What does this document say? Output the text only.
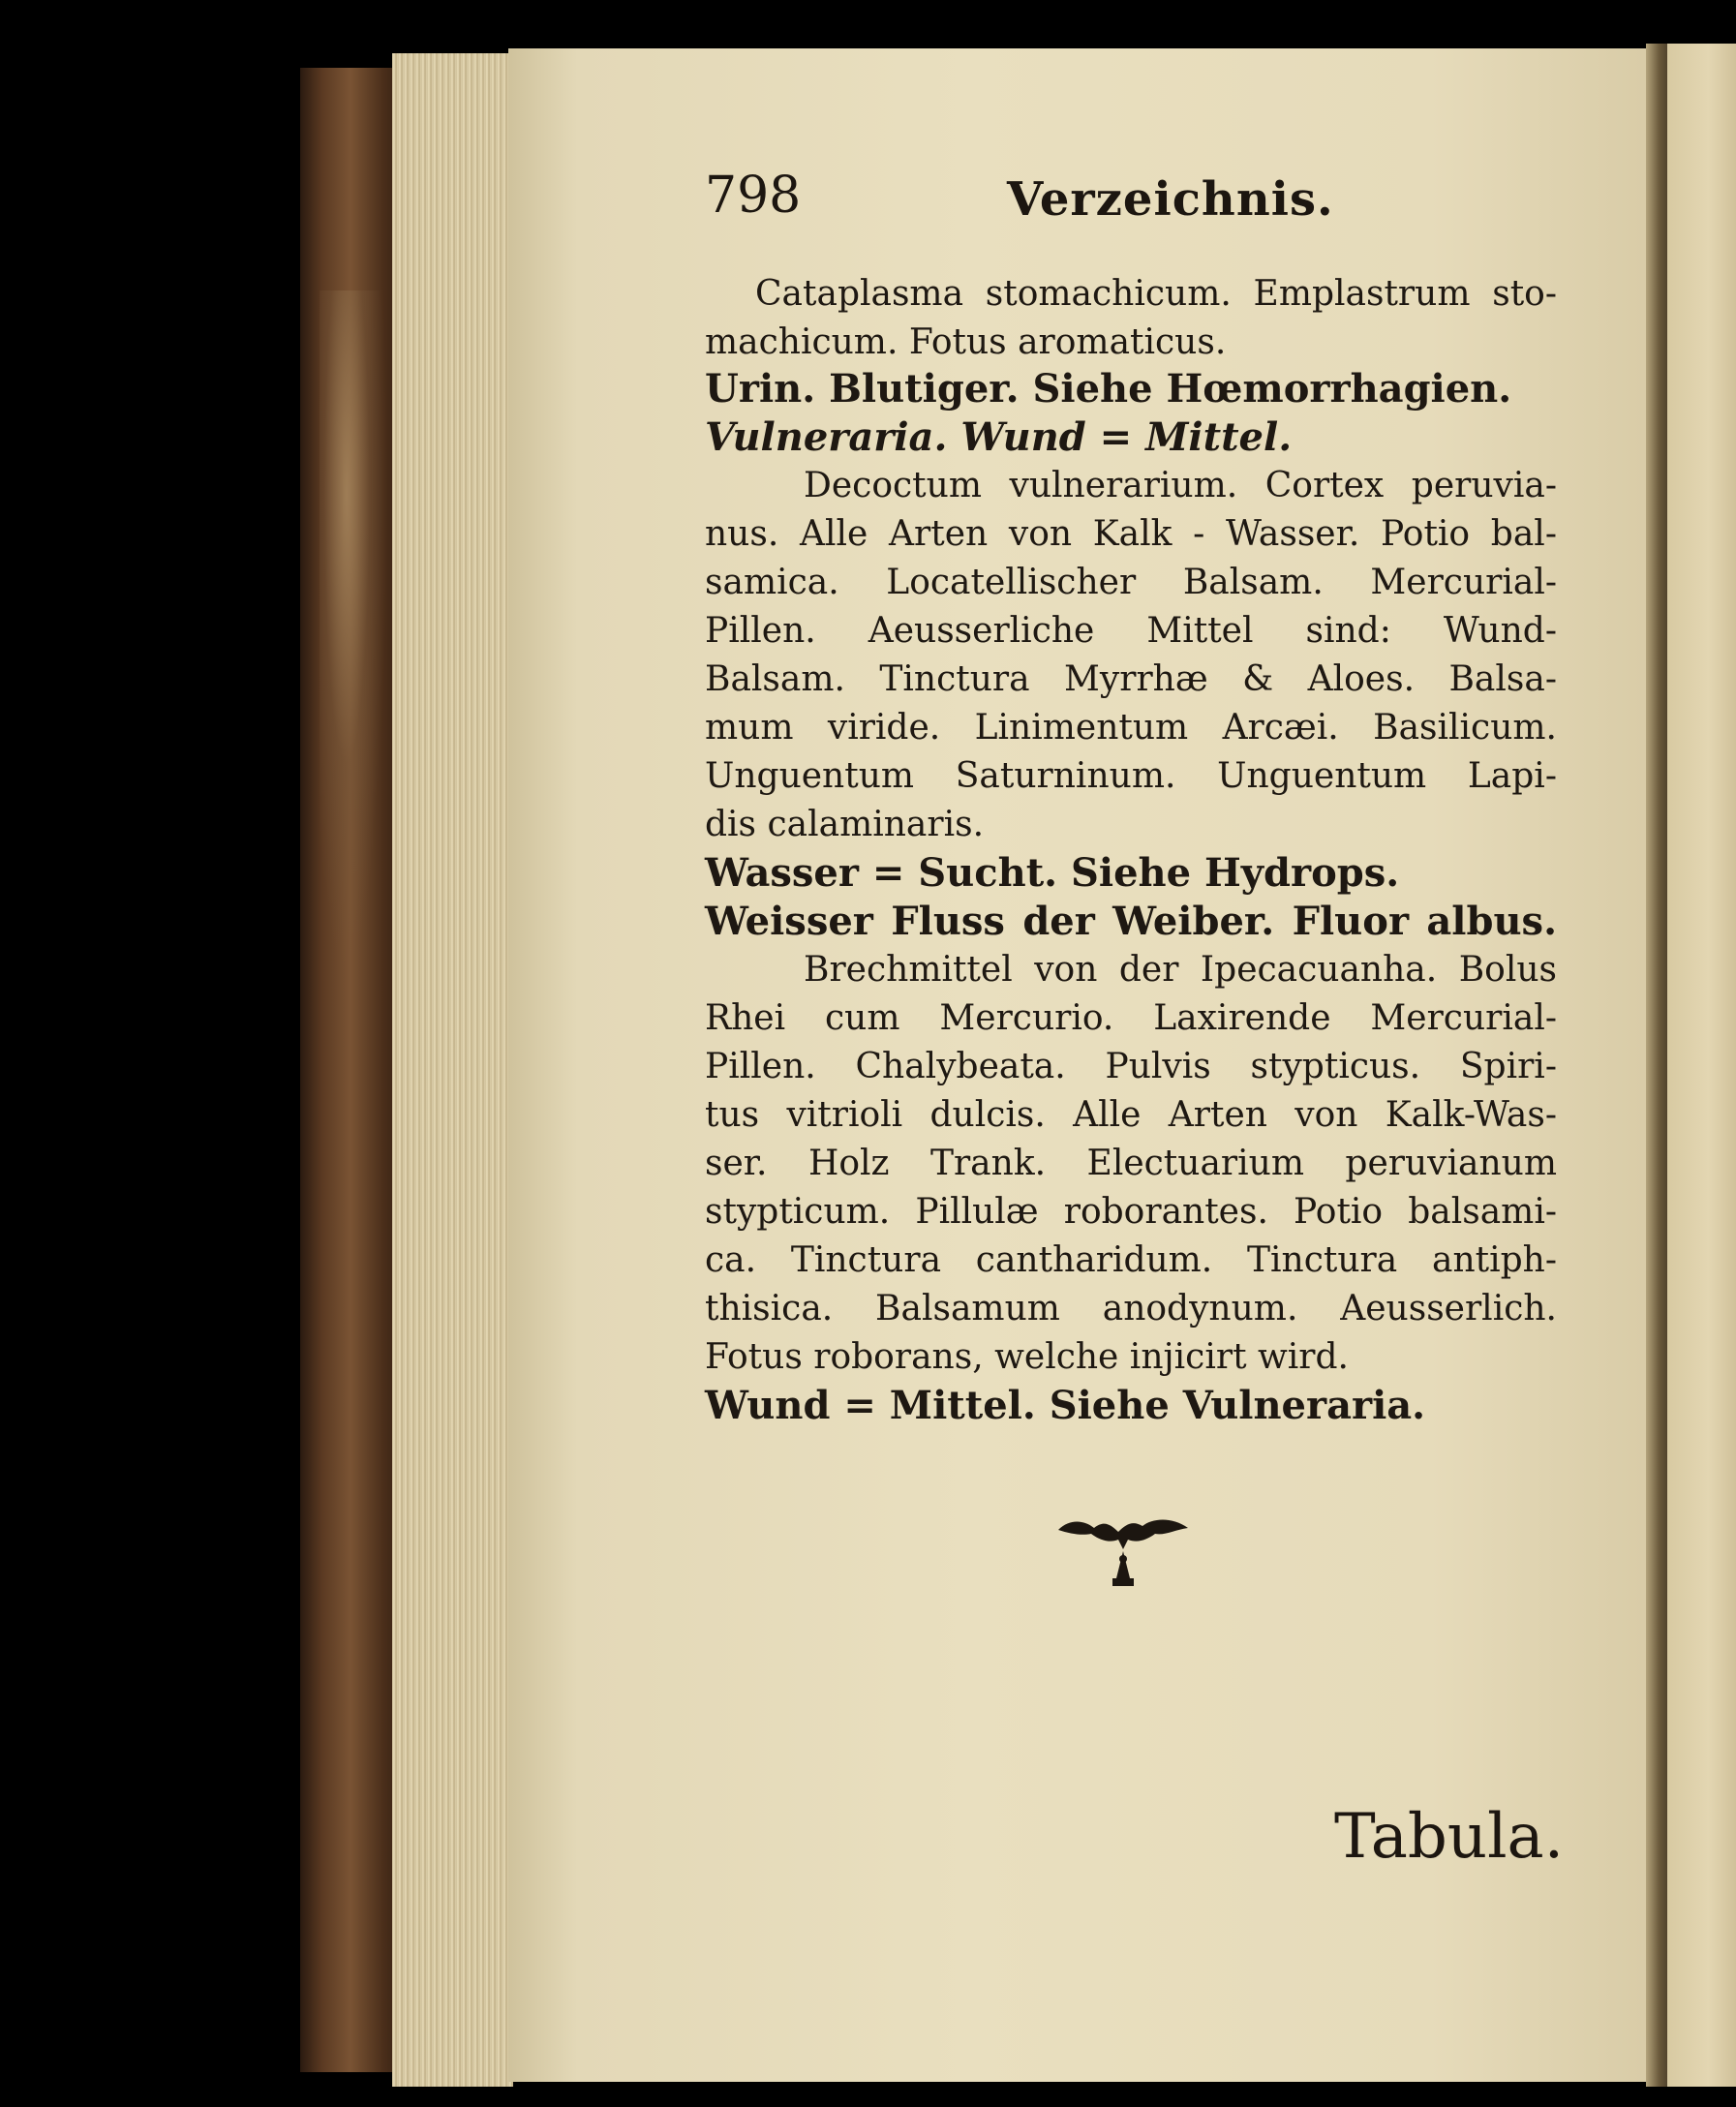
798	Verzeichnis.
Cataplasma stomachicum. Emplastrum sto-
machicum. Fotus aromaticus.
Urin. Blutiger. Siehe Hœmorrhagien.
Vulneraria. Wund = Mittel.
Decoctum vulnerarium. Cortex peruvia-
nus. Alle Arten von Kalk - Wasser. Potio bal-
samica. Locatellischer Balsam. Mercurial-
Pillen. Aeusserliche Mittel sind: Wund-
Balsam. Tinctura Myrrhæ & Aloes. Balsa-
mum viride. Linimentum Arcæi. Basilicum.
Unguentum Saturninum. Unguentum Lapi-
dis calaminaris.
Wasser = Sucht. Siehe Hydrops.
Weisser Fluss der Weiber. Fluor albus.
Brechmittel von der Ipecacuanha. Bolus
Rhei cum Mercurio. Laxirende Mercurial-
Pillen. Chalybeata. Pulvis stypticus. Spiri-
tus vitrioli dulcis. Alle Arten von Kalk-Was-
ser. Holz Trank. Electuarium peruvianum
stypticum. Pillulæ roborantes. Potio balsami-
ca. Tinctura cantharidum. Tinctura antiph-
thisica. Balsamum anodynum. Aeusserlich.
Fotus roborans, welche injicirt wird.
Wund = Mittel. Siehe Vulneraria.
Tabula.
